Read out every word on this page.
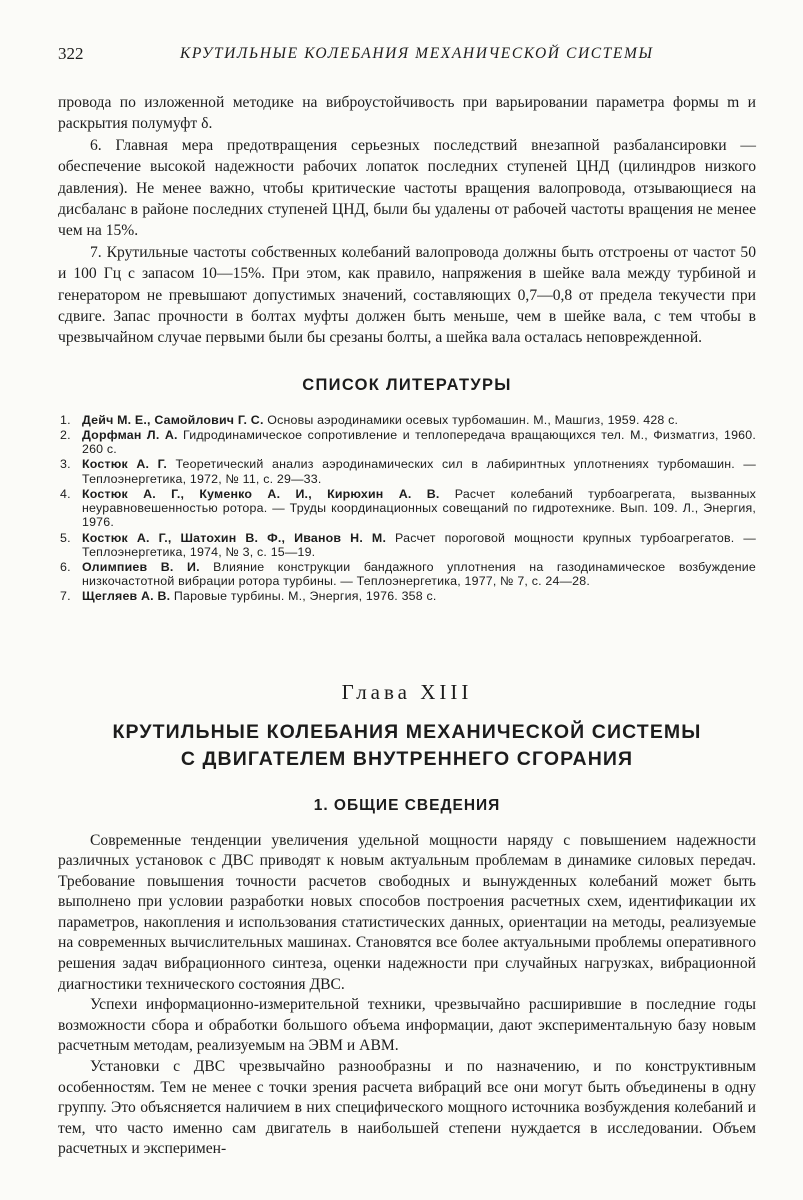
322	КРУТИЛЬНЫЕ КОЛЕБАНИЯ МЕХАНИЧЕСКОЙ СИСТЕМЫ

провода по изложенной методике на виброустойчивость при варьировании параметра формы m и раскрытия полумуфт δ.

6. Главная мера предотвращения серьезных последствий внезапной разбалансировки — обеспечение высокой надежности рабочих лопаток последних ступеней ЦНД (цилиндров низкого давления). Не менее важно, чтобы критические частоты вращения валопровода, отзывающиеся на дисбаланс в районе последних ступеней ЦНД, были бы удалены от рабочей частоты вращения не менее чем на 15%.

7. Крутильные частоты собственных колебаний валопровода должны быть отстроены от частот 50 и 100 Гц с запасом 10—15%. При этом, как правило, напряжения в шейке вала между турбиной и генератором не превышают допустимых значений, составляющих 0,7—0,8 от предела текучести при сдвиге. Запас прочности в болтах муфты должен быть меньше, чем в шейке вала, с тем чтобы в чрезвычайном случае первыми были бы срезаны болты, а шейка вала осталась неповрежденной.

СПИСОК ЛИТЕРАТУРЫ
1. Дейч М. Е., Самойлович Г. С. Основы аэродинамики осевых турбомашин. М., Машгиз, 1959. 428 с.
2. Дорфман Л. А. Гидродинамическое сопротивление и теплопередача вращающихся тел. М., Физматгиз, 1960. 260 с.
3. Костюк А. Г. Теоретический анализ аэродинамических сил в лабиринтных уплотнениях турбомашин. — Теплоэнергетика, 1972, № 11, с. 29—33.
4. Костюк А. Г., Куменко А. И., Кирюхин А. В. Расчет колебаний турбоагрегата, вызванных неуравновешенностью ротора. — Труды координационных совещаний по гидротехнике. Вып. 109. Л., Энергия, 1976.
5. Костюк А. Г., Шатохин В. Ф., Иванов Н. М. Расчет пороговой мощности крупных турбоагрегатов. — Теплоэнергетика, 1974, № 3, с. 15—19.
6. Олимпиев В. И. Влияние конструкции бандажного уплотнения на газодинамическое возбуждение низкочастотной вибрации ротора турбины. — Теплоэнергетика, 1977, № 7, с. 24—28.
7. Щегляев А. В. Паровые турбины. М., Энергия, 1976. 358 с.
Глава XIII
КРУТИЛЬНЫЕ КОЛЕБАНИЯ МЕХАНИЧЕСКОЙ СИСТЕМЫ
С ДВИГАТЕЛЕМ ВНУТРЕННЕГО СГОРАНИЯ
1. ОБЩИЕ СВЕДЕНИЯ

Современные тенденции увеличения удельной мощности наряду с повышением надежности различных установок с ДВС приводят к новым актуальным проблемам в динамике силовых передач. Требование повышения точности расчетов свободных и вынужденных колебаний может быть выполнено при условии разработки новых способов построения расчетных схем, идентификации их параметров, накопления и использования статистических данных, ориентации на методы, реализуемые на современных вычислительных машинах. Становятся все более актуальными проблемы оперативного решения задач вибрационного синтеза, оценки надежности при случайных нагрузках, вибрационной диагностики технического состояния ДВС.

Успехи информационно-измерительной техники, чрезвычайно расширившие в последние годы возможности сбора и обработки большого объема информации, дают экспериментальную базу новым расчетным методам, реализуемым на ЭВМ и АВМ.

Установки с ДВС чрезвычайно разнообразны и по назначению, и по конструктивным особенностям. Тем не менее с точки зрения расчета вибраций все они могут быть объединены в одну группу. Это объясняется наличием в них специфического мощного источника возбуждения колебаний и тем, что часто именно сам двигатель в наибольшей степени нуждается в исследовании. Объем расчетных и эксперимен-
